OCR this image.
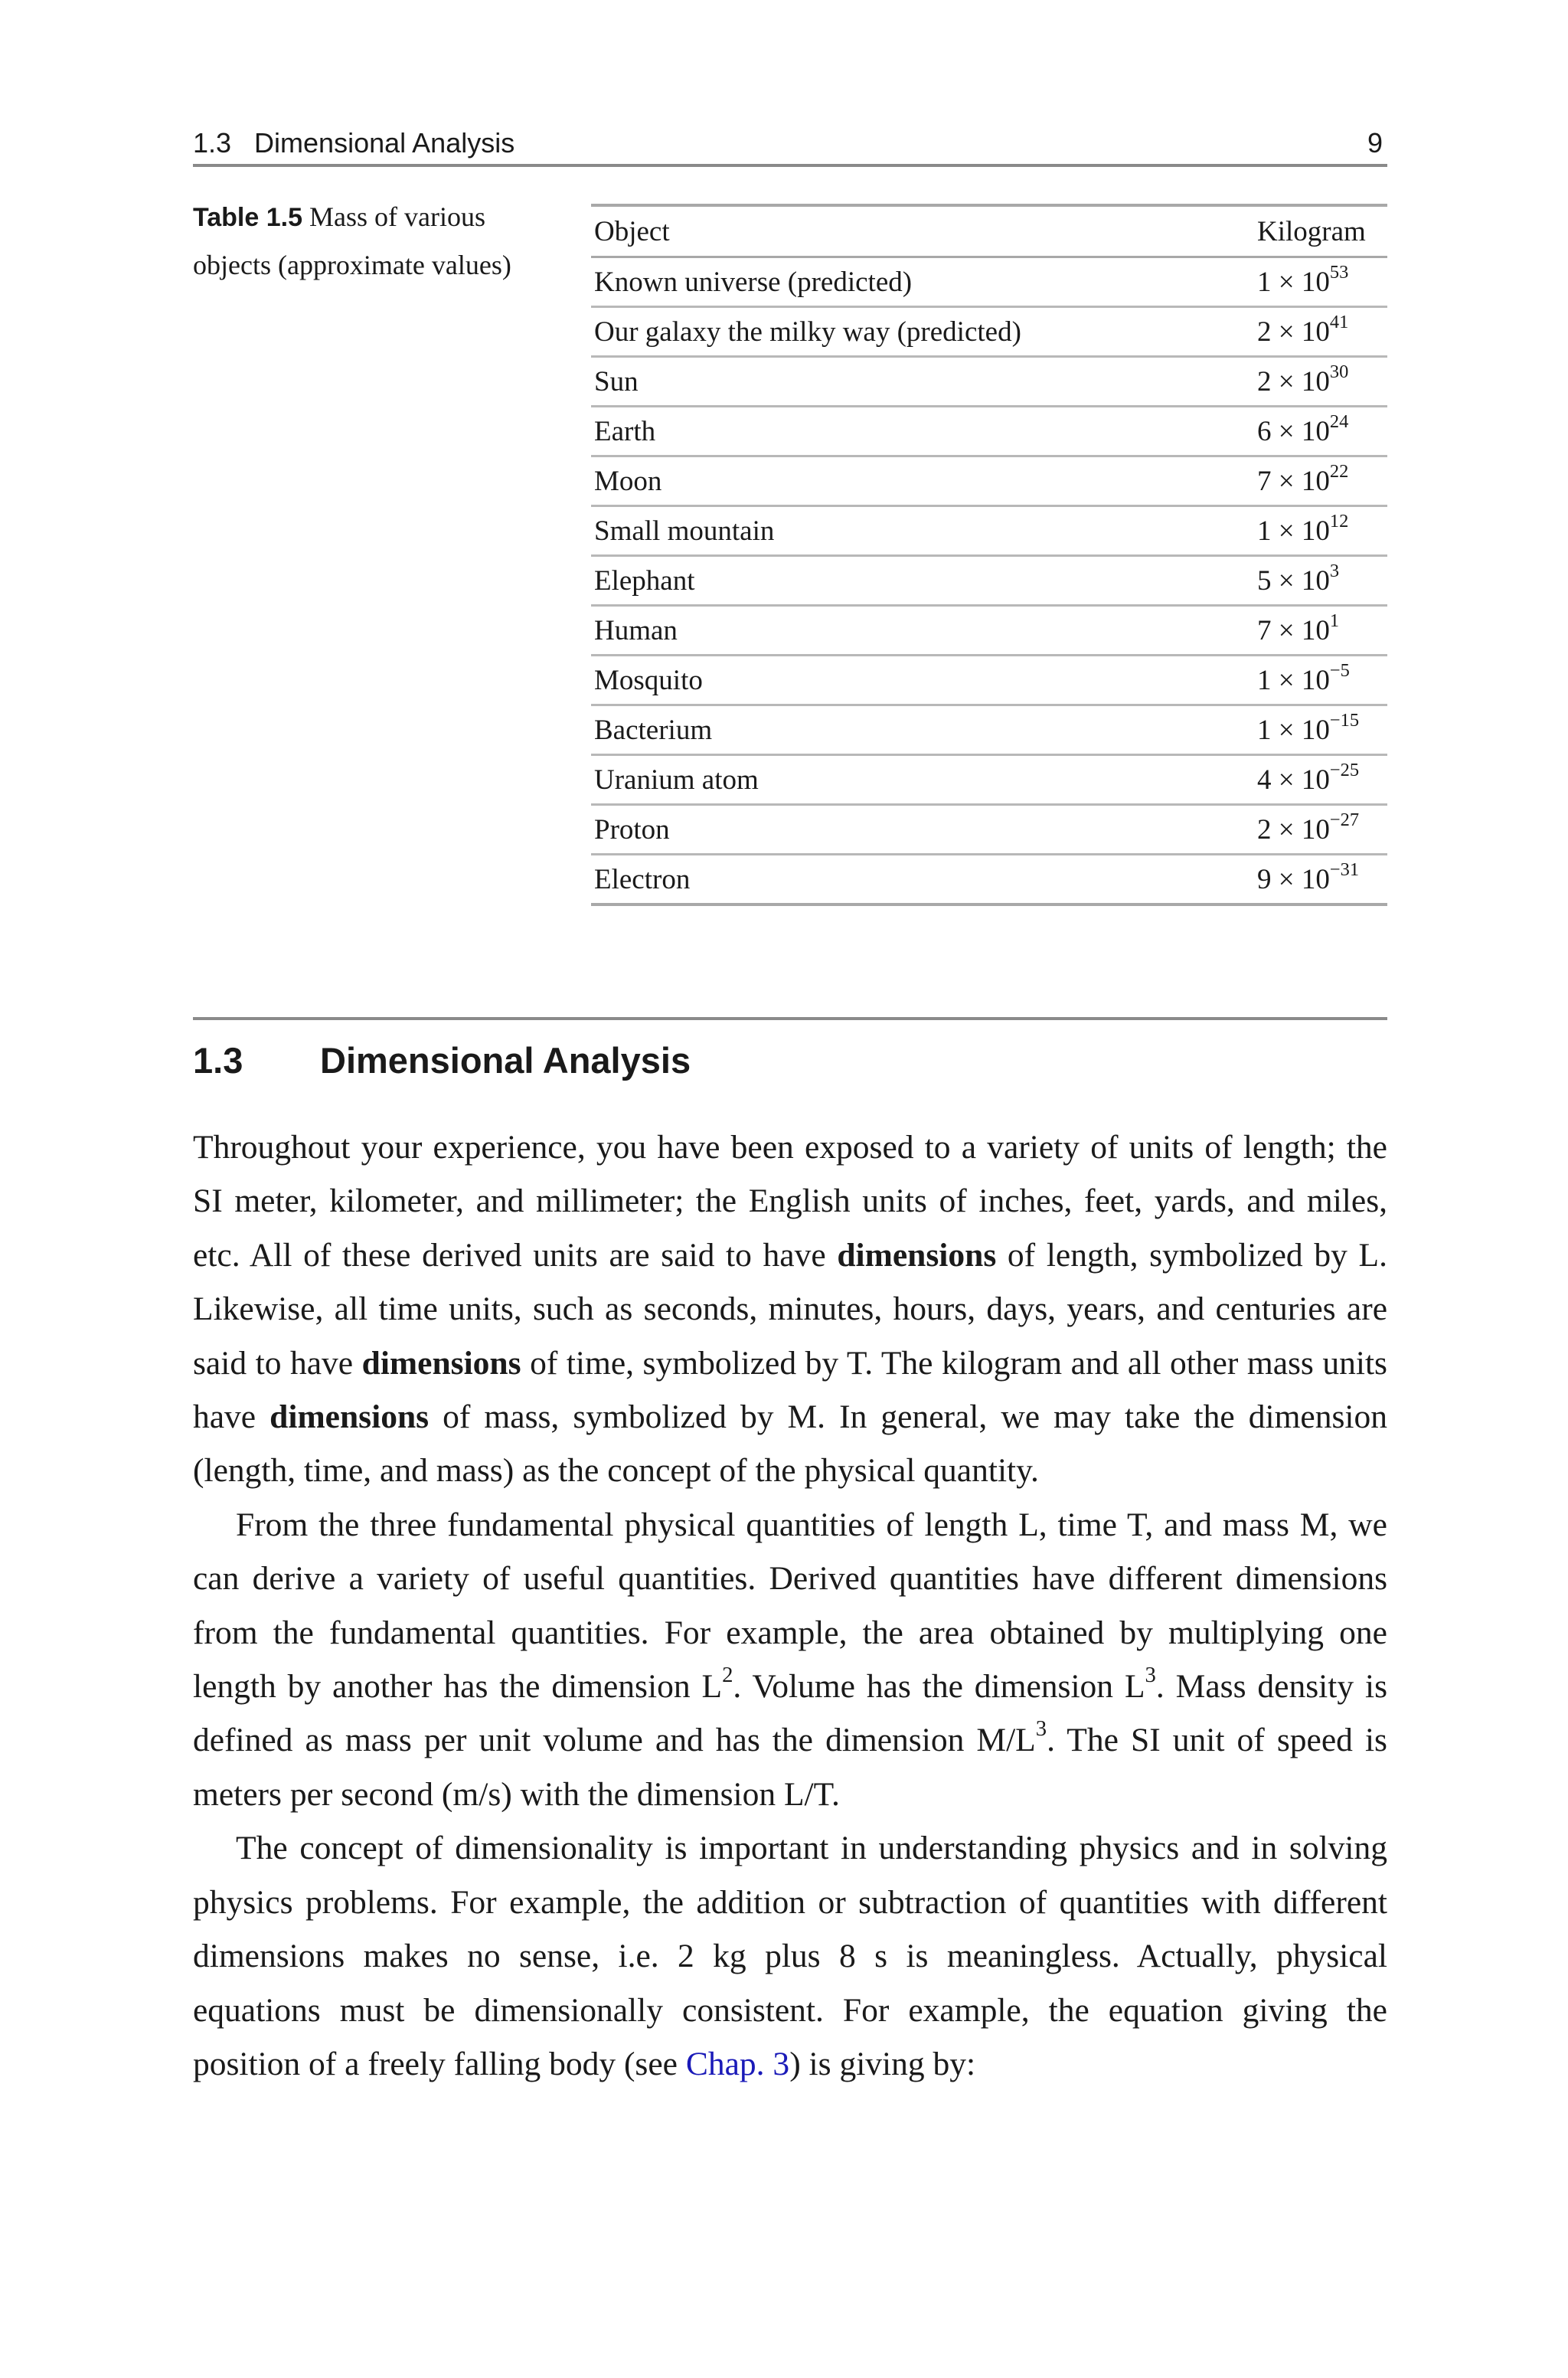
1.3   Dimensional Analysis	9
Table 1.5 Mass of various objects (approximate values)
Object	Kilogram
Known universe (predicted)	$1 \times 10^{53}$
Our galaxy the milky way (predicted)	$2 \times 10^{41}$
Sun	$2 \times 10^{30}$
Earth	$6 \times 10^{24}$
Moon	$7 \times 10^{22}$
Small mountain	$1 \times 10^{12}$
Elephant	$5 \times 10^3$
Human	$7 \times 10^1$
Mosquito	$1 \times 10^{-5}$
Bacterium	$1 \times 10^{-15}$
Uranium atom	$4 \times 10^{-25}$
Proton	$2 \times 10^{-27}$
Electron	$9 \times 10^{-31}$
1.3 Dimensional Analysis

Throughout your experience, you have been exposed to a variety of units of length; the SI meter, kilometer, and millimeter; the English units of inches, feet, yards, and miles, etc. All of these derived units are said to have dimensions of length, symbolized by L. Likewise, all time units, such as seconds, minutes, hours, days, years, and centuries are said to have dimensions of time, symbolized by T. The kilogram and all other mass units have dimensions of mass, symbolized by M. In general, we may take the dimension (length, time, and mass) as the concept of the physical quantity.

From the three fundamental physical quantities of length L, time T, and mass M, we can derive a variety of useful quantities. Derived quantities have different dimensions from the fundamental quantities. For example, the area obtained by multiplying one length by another has the dimension $L^2$. Volume has the dimension $L^3$. Mass density is defined as mass per unit volume and has the dimension $M/L^3$. The SI unit of speed is meters per second (m/s) with the dimension L/T.

The concept of dimensionality is important in understanding physics and in solving physics problems. For example, the addition or subtraction of quantities with different dimensions makes no sense, i.e. 2 kg plus 8 s is meaningless. Actually, physical equations must be dimensionally consistent. For example, the equation giving the position of a freely falling body (see Chap. 3) is giving by:
